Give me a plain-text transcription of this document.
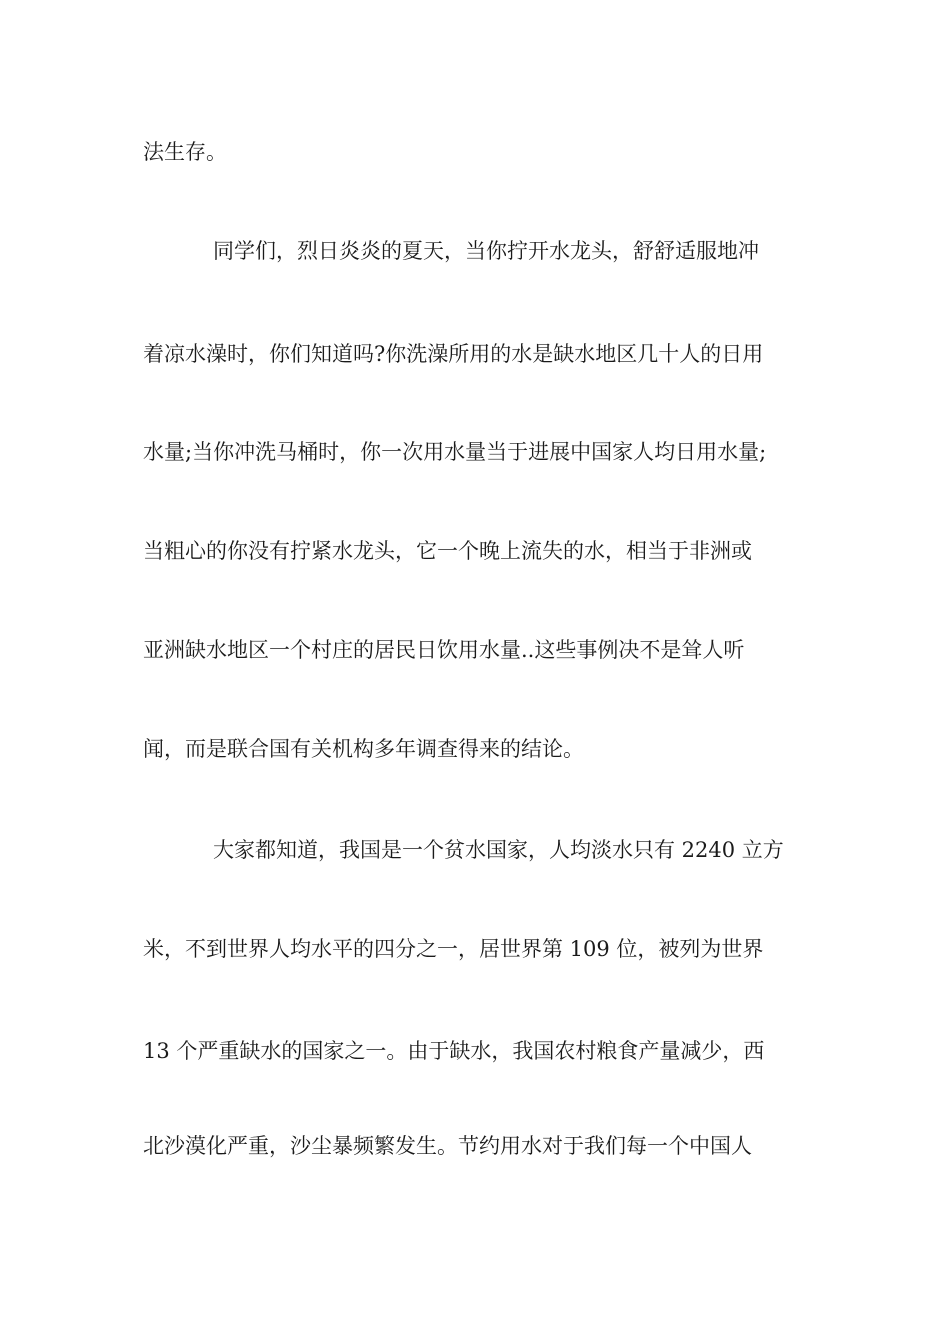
法生存。
同学们，烈日炎炎的夏天，当你拧开水龙头，舒舒适服地冲
着凉水澡时，你们知道吗?你洗澡所用的水是缺水地区几十人的日用
水量;当你冲洗马桶时，你一次用水量当于进展中国家人均日用水量;
当粗心的你没有拧紧水龙头，它一个晚上流失的水，相当于非洲或
亚洲缺水地区一个村庄的居民日饮用水量..这些事例决不是耸人听
闻，而是联合国有关机构多年调查得来的结论。
大家都知道，我国是一个贫水国家，人均淡水只有 2240 立方
米，不到世界人均水平的四分之一，居世界第 109 位，被列为世界
13 个严重缺水的国家之一。由于缺水，我国农村粮食产量减少，西
北沙漠化严重，沙尘暴频繁发生。节约用水对于我们每一个中国人
